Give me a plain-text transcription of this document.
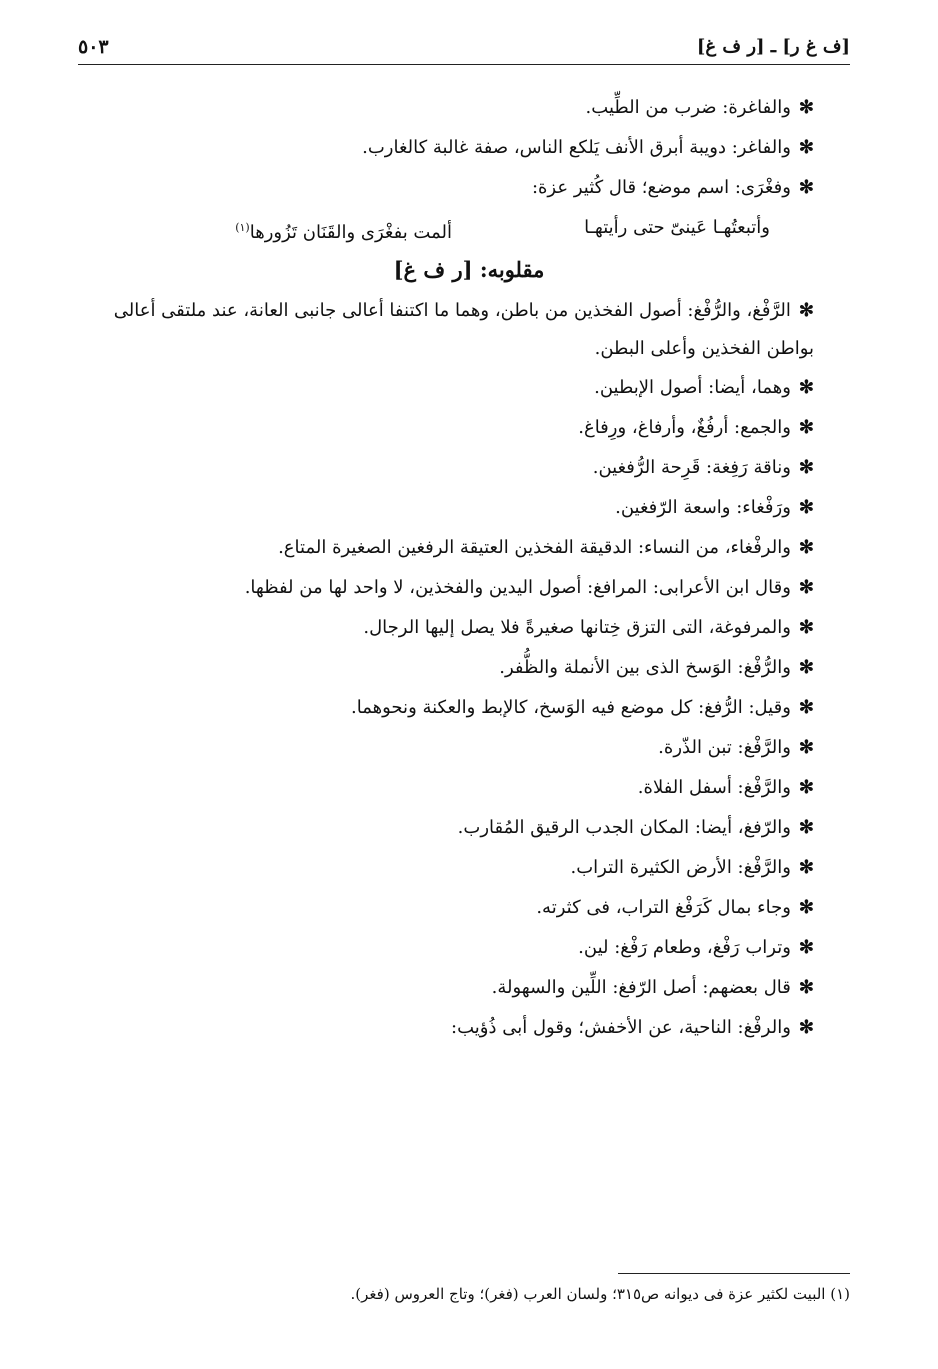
[ف غ ر] ـ [ر ف غ]
٥٠٣
✻والفاغرة: ضرب من الطِّيب.
✻والفاغر: دويبة أبرق الأنف يَلكع الناس، صفة غالبة كالغارب.
✻وفغْرَى: اسم موضع؛ قال كُثير عزة:
وأتبعتُهـا عَينىّ حتى رأيتهـا
ألمت بفغْرَى والقَنَان تَزُورها$^{(١)}$
مقلوبه: [ر ف غ]
✻الرَّفْغ، والرُّفْغ: أصول الفخذين من باطن، وهما ما اكتنفا أعالى جانبى العانة، عند ملتقى أعالى بواطن الفخذين وأعلى البطن.
✻وهما، أيضا: أصول الإبطين.
✻والجمع: أرفُغٌ، وأرفاغ، ورِفاغ.
✻وناقة رَفِغة: قَرِحة الرُّفغين.
✻ورَفْغاء: واسعة الرّفغين.
✻والرفْغاء، من النساء: الدقيقة الفخذين العتيقة الرفغين الصغيرة المتاع.
✻وقال ابن الأعرابى: المرافغ: أصول اليدين والفخذين، لا واحد لها من لفظها.
✻والمرفوغة، التى التزق خِتانها صغيرةً فلا يصل إليها الرجال.
✻والرُّفْغ: الوَسخ الذى بين الأنملة والظُّفر.
✻وقيل: الرُّفغ: كل موضع فيه الوَسخ، كالإبط والعكنة ونحوهما.
✻والرَّفْغ: تبن الذّرة.
✻والرَّفْغ: أسفل الفلاة.
✻والرّفغ، أيضا: المكان الجدب الرقيق المُقارب.
✻والرَّفْغ: الأرض الكثيرة التراب.
✻وجاء بمال كَرَفْغ التراب، فى كثرته.
✻وتراب رَفْغ، وطعام رَفْغ: لين.
✻قال بعضهم: أصل الرّفغ: اللِّين والسهولة.
✻والرفْغ: الناحية، عن الأخفش؛ وقول أبى ذُؤيب:
(١) البيت لكثير عزة فى ديوانه ص٣١٥؛ ولسان العرب (فغر)؛ وتاج العروس (فغر).
